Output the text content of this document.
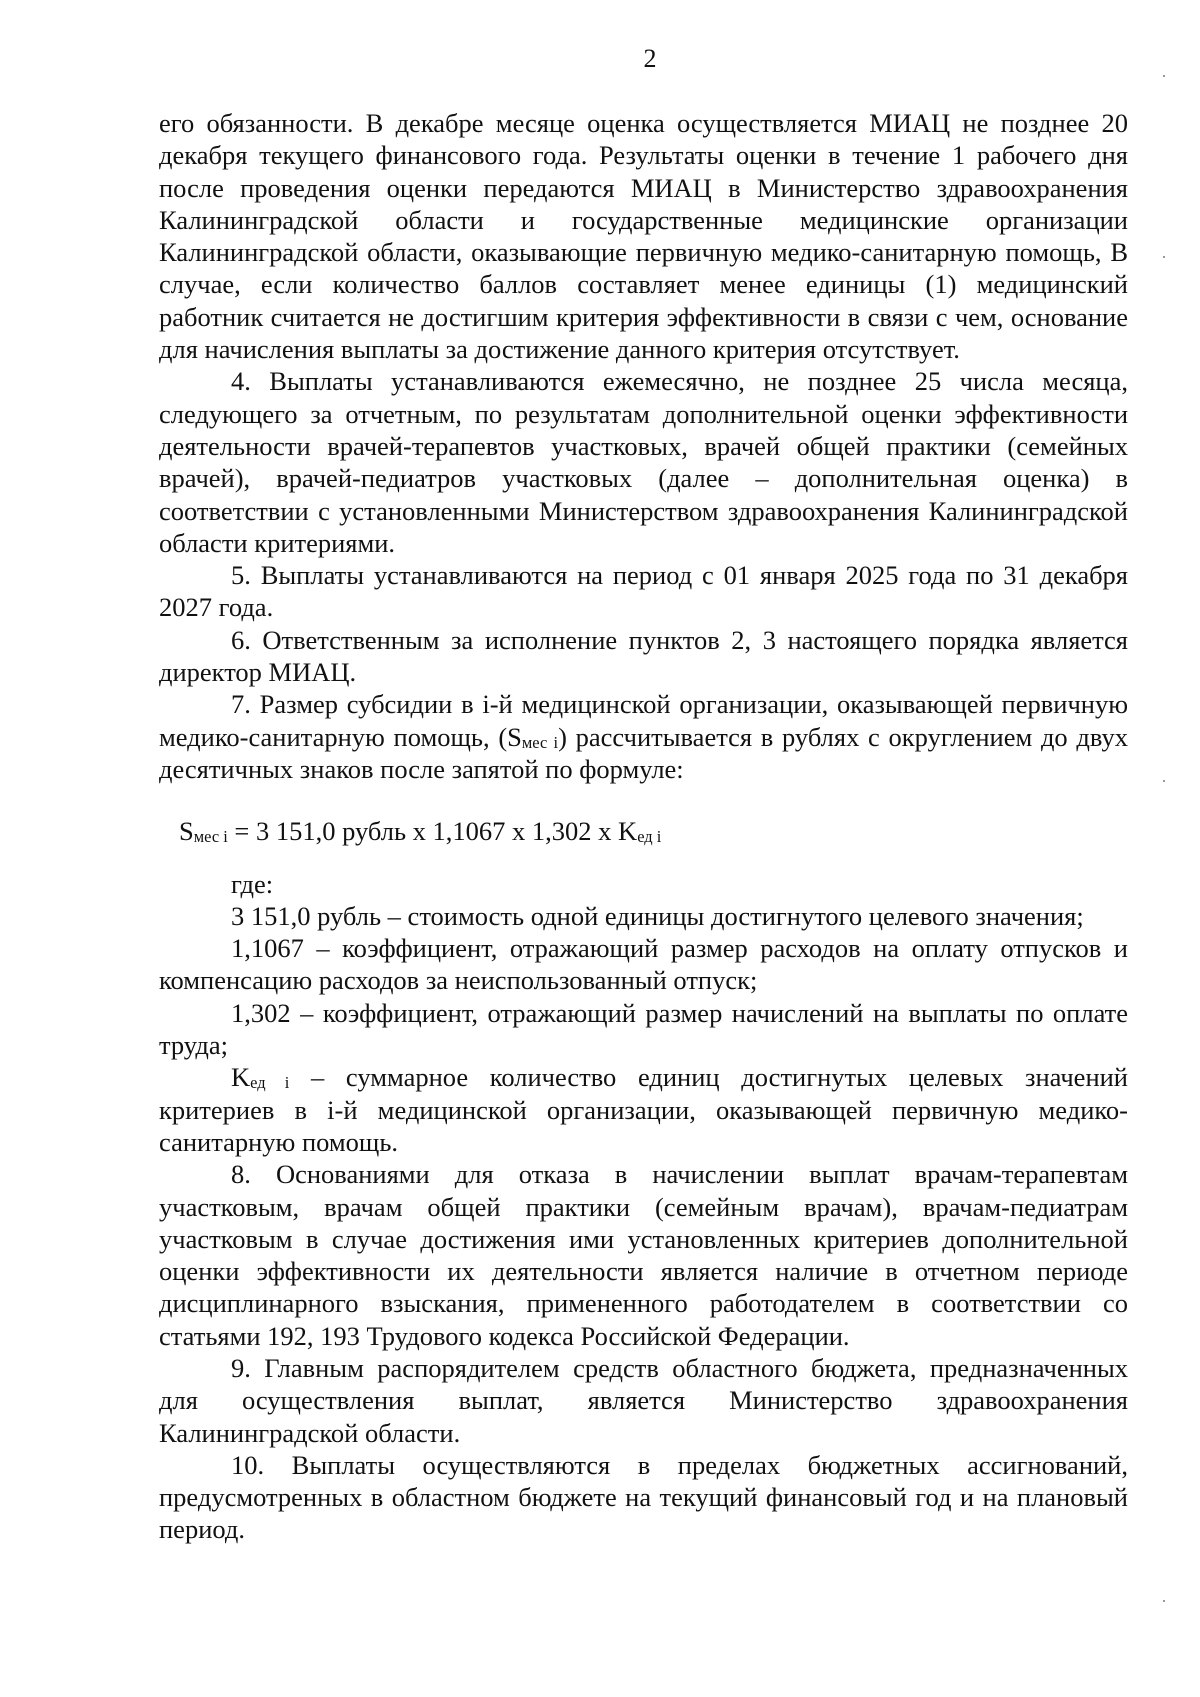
2

его обязанности. В декабре месяце оценка осуществляется МИАЦ не позднее 20 декабря текущего финансового года. Результаты оценки в течение 1 рабочего дня после проведения оценки передаются МИАЦ в Министерство здравоохранения Калининградской области и государственные медицинские организации Калининградской области, оказывающие первичную медико-санитарную помощь, В случае, если количество баллов составляет менее единицы (1) медицинский работник считается не достигшим критерия эффективности в связи с чем, основание для начисления выплаты за достижение данного критерия отсутствует.

4. Выплаты устанавливаются ежемесячно, не позднее 25 числа месяца, следующего за отчетным, по результатам дополнительной оценки эффективности деятельности врачей-терапевтов участковых, врачей общей практики (семейных врачей), врачей-педиатров участковых (далее – дополнительная оценка) в соответствии с установленными Министерством здравоохранения Калининградской области критериями.

5. Выплаты устанавливаются на период с 01 января 2025 года по 31 декабря 2027 года.

6. Ответственным за исполнение пунктов 2, 3 настоящего порядка является директор МИАЦ.

7. Размер субсидии в i-й медицинской организации, оказывающей первичную медико-санитарную помощь, $(S_{мес i})$ рассчитывается в рублях с округлением до двух десятичных знаков после запятой по формуле:

$S_{мес i} = 3$ 151,0 рубль х 1,1067 х 1,302 х $K_{ед i}$

где:

3 151,0 рубль – стоимость одной единицы достигнутого целевого значения;

1,1067 – коэффициент, отражающий размер расходов на оплату отпусков и компенсацию расходов за неиспользованный отпуск;

1,302 – коэффициент, отражающий размер начислений на выплаты по оплате труда;

$K_{ед i}$ – суммарное количество единиц достигнутых целевых значений критериев в i-й медицинской организации, оказывающей первичную медико-санитарную помощь.

8. Основаниями для отказа в начислении выплат врачам-терапевтам участковым, врачам общей практики (семейным врачам), врачам-педиатрам участковым в случае достижения ими установленных критериев дополнительной оценки эффективности их деятельности является наличие в отчетном периоде дисциплинарного взыскания, примененного работодателем в соответствии со статьями 192, 193 Трудового кодекса Российской Федерации.

9. Главным распорядителем средств областного бюджета, предназначенных для осуществления выплат, является Министерство здравоохранения Калининградской области.

10. Выплаты осуществляются в пределах бюджетных ассигнований, предусмотренных в областном бюджете на текущий финансовый год и на плановый период.
